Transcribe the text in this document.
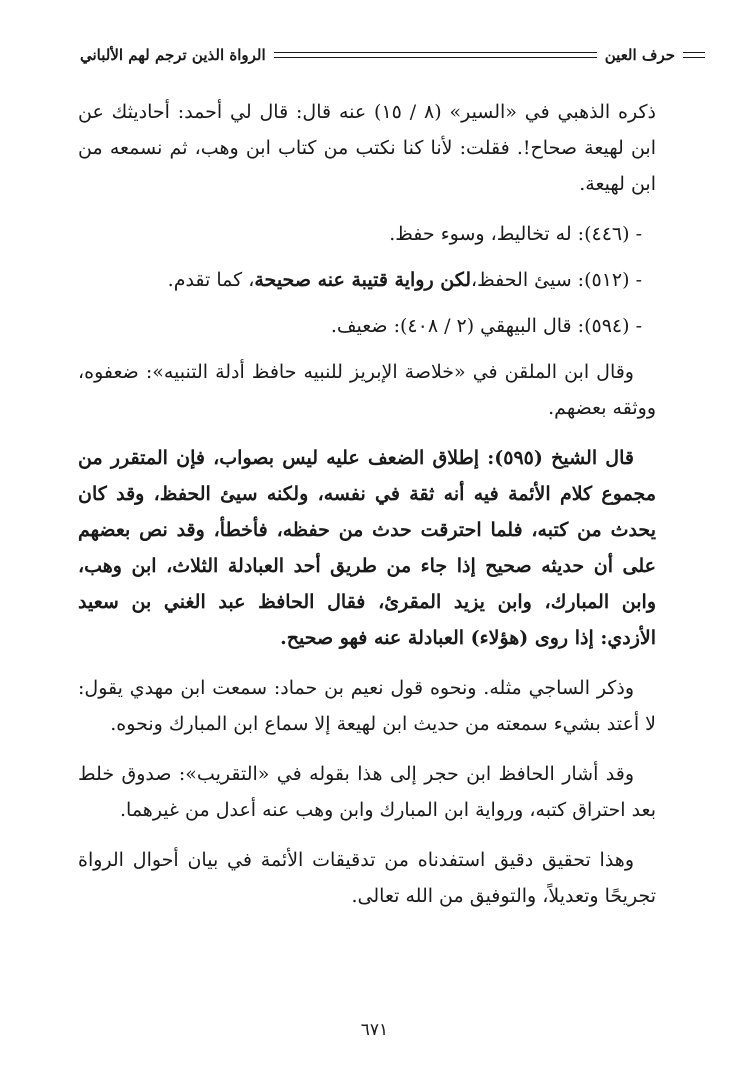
حرف العين
الرواة الذين ترجم لهم الألباني

ذكره الذهبي في «السير» (٨ / ١٥) عنه قال: قال لي أحمد: أحاديثك عن ابن لهيعة صحاح!. فقلت: لأنا كنا نكتب من كتاب ابن وهب، ثم نسمعه من ابن لهيعة.

- (٤٤٦): له تخاليط، وسوء حفظ.

- (٥١٢): سيئ الحفظ،لكن رواية قتيبة عنه صحيحة، كما تقدم.

- (٥٩٤): قال البيهقي (٢ / ٤٠٨): ضعيف.

وقال ابن الملقن في «خلاصة الإبريز للنبيه حافظ أدلة التنبيه»: ضعفوه، ووثقه بعضهم.

قال الشيخ (٥٩٥): إطلاق الضعف عليه ليس بصواب، فإن المتقرر من مجموع كلام الأئمة فيه أنه ثقة في نفسه، ولكنه سيئ الحفظ، وقد كان يحدث من كتبه، فلما احترقت حدث من حفظه، فأخطأ، وقد نص بعضهم على أن حديثه صحيح إذا جاء من طريق أحد العبادلة الثلاث، ابن وهب، وابن المبارك، وابن يزيد المقرئ، فقال الحافظ عبد الغني بن سعيد الأزدي: إذا روى (هؤلاء) العبادلة عنه فهو صحيح.

وذكر الساجي مثله. ونحوه قول نعيم بن حماد: سمعت ابن مهدي يقول: لا أعتد بشيء سمعته من حديث ابن لهيعة إلا سماع ابن المبارك ونحوه.

وقد أشار الحافظ ابن حجر إلى هذا بقوله في «التقريب»: صدوق خلط بعد احتراق كتبه، ورواية ابن المبارك وابن وهب عنه أعدل من غيرهما.

وهذا تحقيق دقيق استفدناه من تدقيقات الأئمة في بيان أحوال الرواة تجريحًا وتعديلاً، والتوفيق من الله تعالى.

٦٧١
